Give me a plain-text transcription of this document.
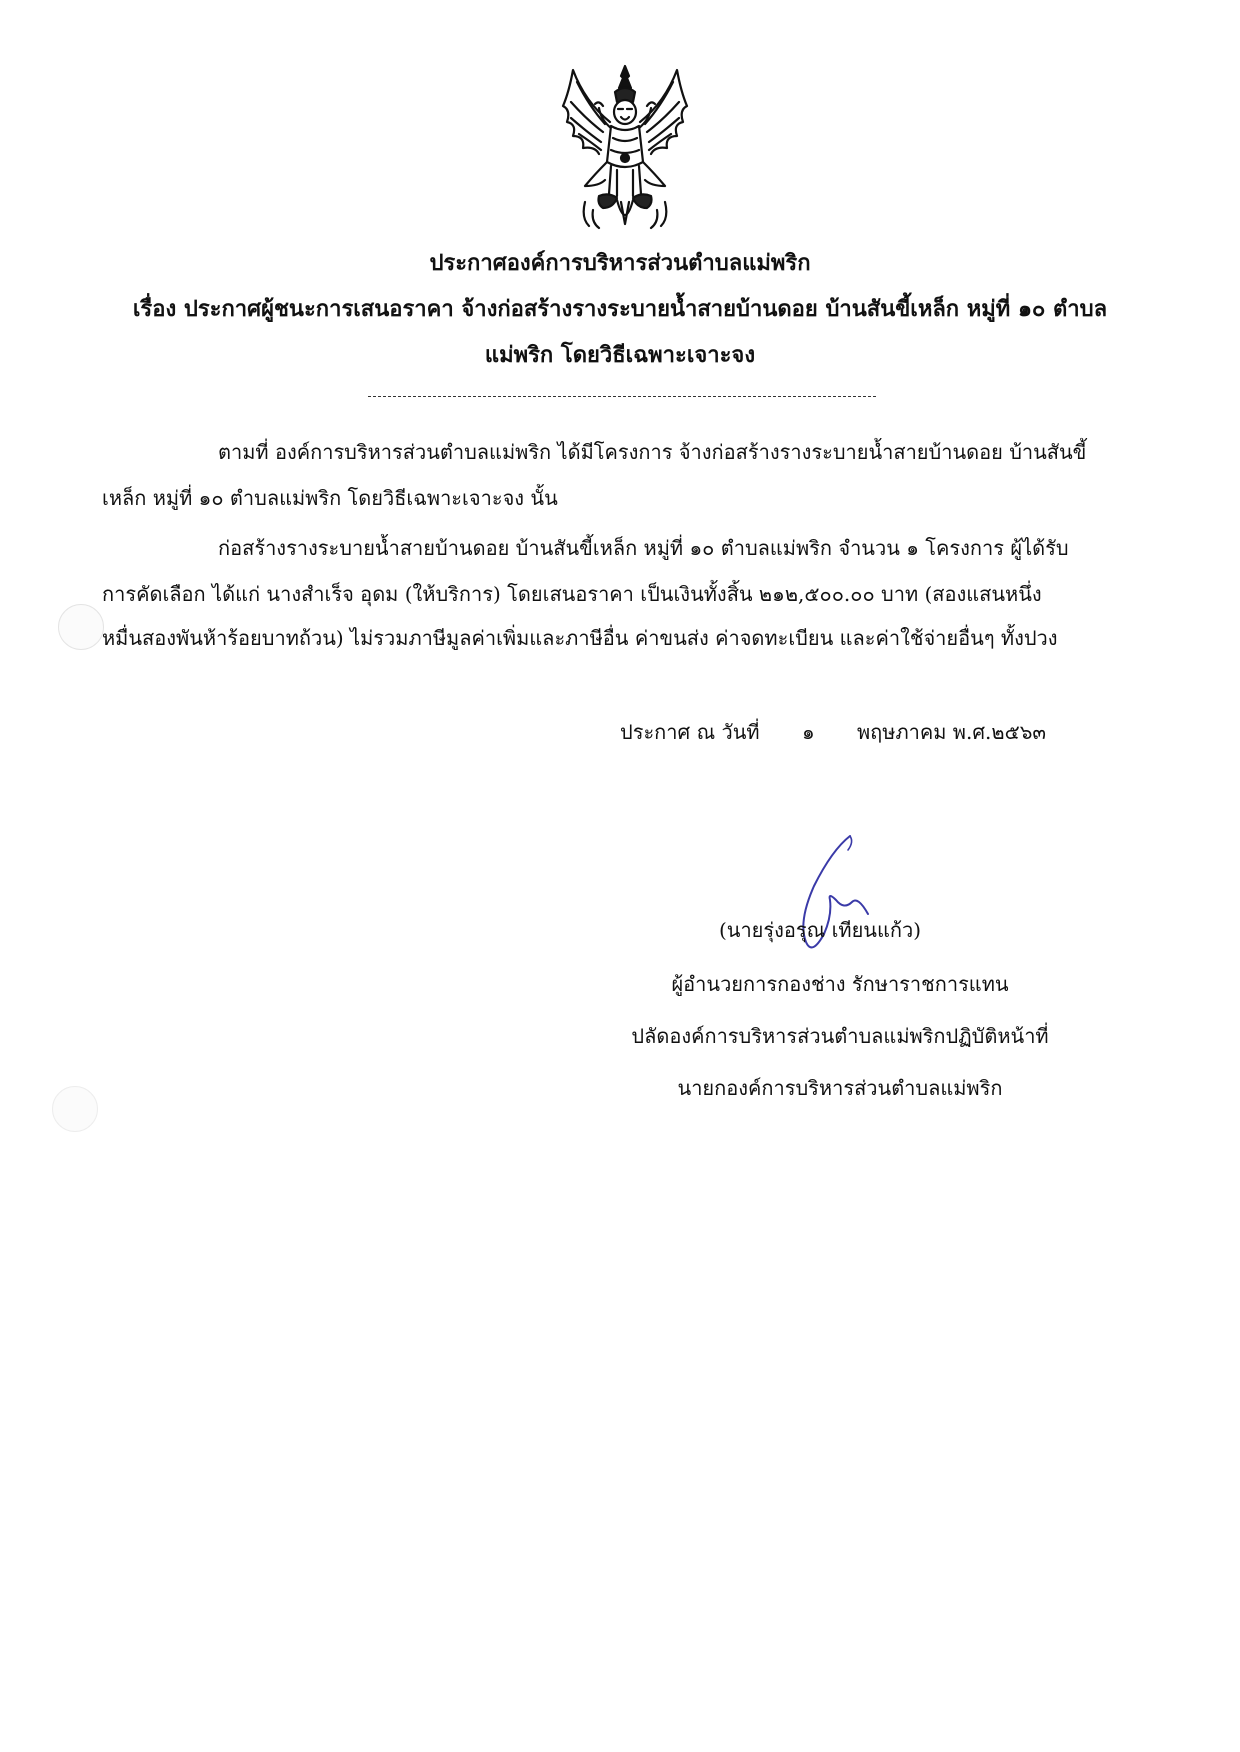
ประกาศองค์การบริหารส่วนตำบลแม่พริก
เรื่อง ประกาศผู้ชนะการเสนอราคา จ้างก่อสร้างรางระบายน้ำสายบ้านดอย บ้านสันขี้เหล็ก หมู่ที่ ๑๐ ตำบล
แม่พริก โดยวิธีเฉพาะเจาะจง
ตามที่ องค์การบริหารส่วนตำบลแม่พริก ได้มีโครงการ จ้างก่อสร้างรางระบายน้ำสายบ้านดอย บ้านสันขี้
เหล็ก หมู่ที่ ๑๐ ตำบลแม่พริก โดยวิธีเฉพาะเจาะจง นั้น
ก่อสร้างรางระบายน้ำสายบ้านดอย บ้านสันขี้เหล็ก หมู่ที่ ๑๐ ตำบลแม่พริก จำนวน ๑ โครงการ ผู้ได้รับ
การคัดเลือก ได้แก่ นางสำเร็จ อุดม (ให้บริการ) โดยเสนอราคา เป็นเงินทั้งสิ้น ๒๑๒,๕๐๐.๐๐ บาท (สองแสนหนึ่ง
หมื่นสองพันห้าร้อยบาทถ้วน) ไม่รวมภาษีมูลค่าเพิ่มและภาษีอื่น ค่าขนส่ง ค่าจดทะเบียน และค่าใช้จ่ายอื่นๆ ทั้งปวง
ประกาศ ณ วันที่ ๑ พฤษภาคม พ.ศ.๒๕๖๓
(นายรุ่งอรุณ เทียนแก้ว)
ผู้อำนวยการกองช่าง รักษาราชการแทน
ปลัดองค์การบริหารส่วนตำบลแม่พริกปฏิบัติหน้าที่
นายกองค์การบริหารส่วนตำบลแม่พริก
